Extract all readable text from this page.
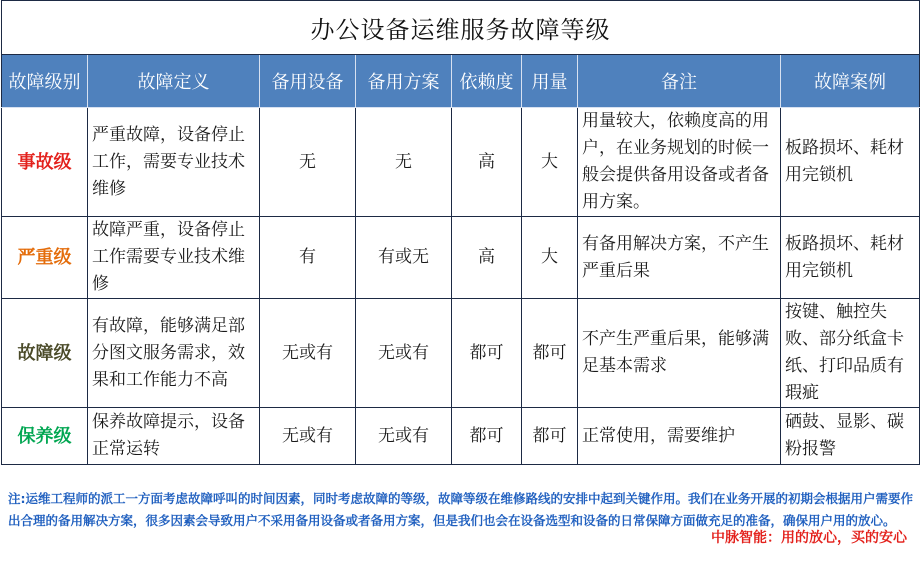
办公设备运维服务故障等级							
故障级别	故障定义	备用设备	备用方案	依赖度	用量	备注	故障案例
事故级	严重故障，设备停止工作，需要专业技术维修	无	无	高	大	用量较大，依赖度高的用户，在业务规划的时候一般会提供备用设备或者备用方案。	板路损坏、耗材用完锁机
严重级	故障严重，设备停止工作需要专业技术维修	有	有或无	高	大	有备用解决方案，不产生严重后果	板路损坏、耗材用完锁机
故障级	有故障，能够满足部分图文服务需求，效果和工作能力不高	无或有	无或有	都可	都可	不产生严重后果，能够满足基本需求	按键、触控失败、部分纸盒卡纸、打印品质有瑕疵
保养级	保养故障提示，设备正常运转	无或有	无或有	都可	都可	正常使用，需要维护	硒鼓、显影、碳粉报警
注:运维工程师的派工一方面考虑故障呼叫的时间因素，同时考虑故障的等级，故障等级在维修路线的安排中起到关键作用。我们在业务开展的初期会根据用户需要作出合理的备用解决方案，很多因素会导致用户不采用备用设备或者备用方案，但是我们也会在设备选型和设备的日常保障方面做充足的准备，确保用户用的放心。
中脉智能：用的放心，买的安心
